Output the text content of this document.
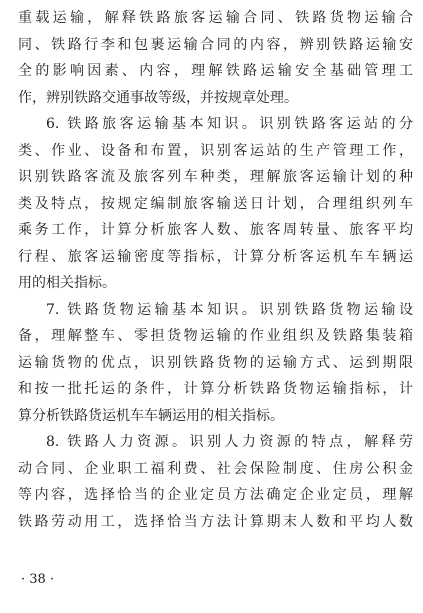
重载运输，解释铁路旅客运输合同、铁路货物运输合
同、铁路行李和包裹运输合同的内容，辨别铁路运输安
全的影响因素、内容，理解铁路运输安全基础管理工
作，辨别铁路交通事故等级，并按规章处理。
6. 铁路旅客运输基本知识。识别铁路客运站的分
类、作业、设备和布置，识别客运站的生产管理工作，
识别铁路客流及旅客列车种类，理解旅客运输计划的种
类及特点，按规定编制旅客输送日计划，合理组织列车
乘务工作，计算分析旅客人数、旅客周转量、旅客平均
行程、旅客运输密度等指标，计算分析客运机车车辆运
用的相关指标。
7. 铁路货物运输基本知识。识别铁路货物运输设
备，理解整车、零担货物运输的作业组织及铁路集装箱
运输货物的优点，识别铁路货物的运输方式、运到期限
和按一批托运的条件，计算分析铁路货物运输指标，计
算分析铁路货运机车车辆运用的相关指标。
8. 铁路人力资源。识别人力资源的特点，解释劳
动合同、企业职工福利费、社会保险制度、住房公积金
等内容，选择恰当的企业定员方法确定企业定员，理解
铁路劳动用工，选择恰当方法计算期末人数和平均人数
· 38 ·
